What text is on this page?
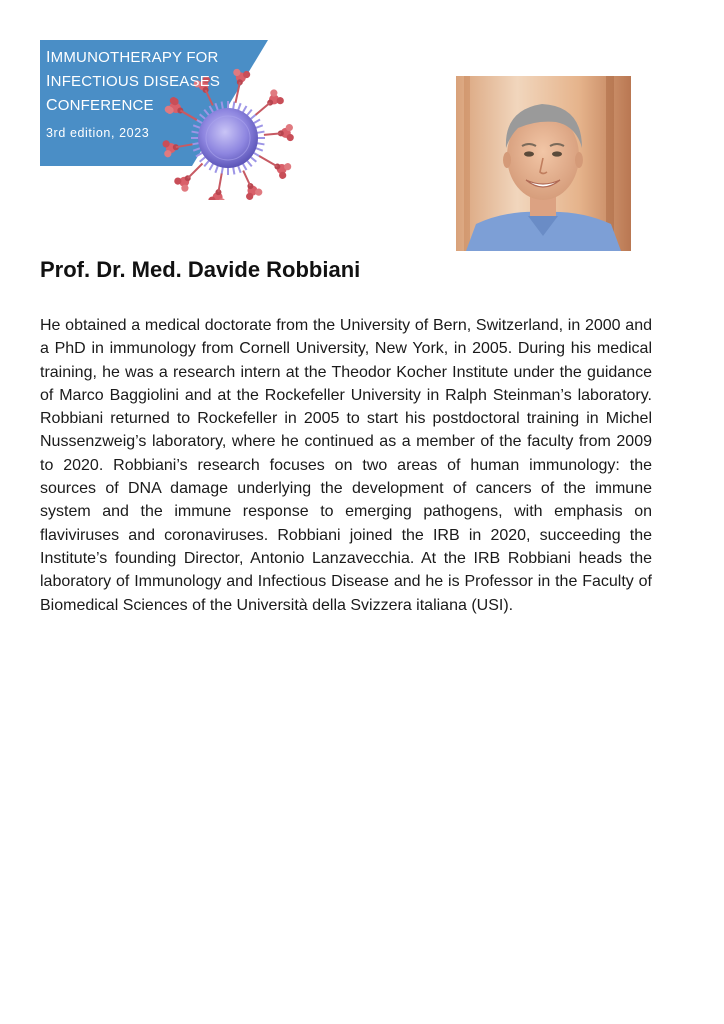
IMMUNOTHERAPY FOR
INFECTIOUS DISEASES
CONFERENCE
3rd edition, 2023
Prof. Dr. Med. Davide Robbiani

He obtained a medical doctorate from the University of Bern, Switzerland, in 2000 and a PhD in immunology from Cornell University, New York, in 2005. During his medical training, he was a research intern at the Theodor Kocher Institute under the guidance of Marco Baggiolini and at the Rockefeller University in Ralph Steinman’s laboratory. Robbiani returned to Rockefeller in 2005 to start his postdoctoral training in Michel Nussenzweig’s laboratory, where he continued as a member of the faculty from 2009 to 2020. Robbiani’s research focuses on two areas of human immunology: the sources of DNA damage underlying the development of cancers of the immune system and the immune response to emerging pathogens, with emphasis on flaviviruses and coronaviruses. Robbiani joined the IRB in 2020, succeeding the Institute’s founding Director, Antonio Lanzavecchia. At the IRB Robbiani heads the laboratory of Immunology and Infectious Disease and he is Professor in the Faculty of Biomedical Sciences of the Università della Svizzera italiana (USI).
